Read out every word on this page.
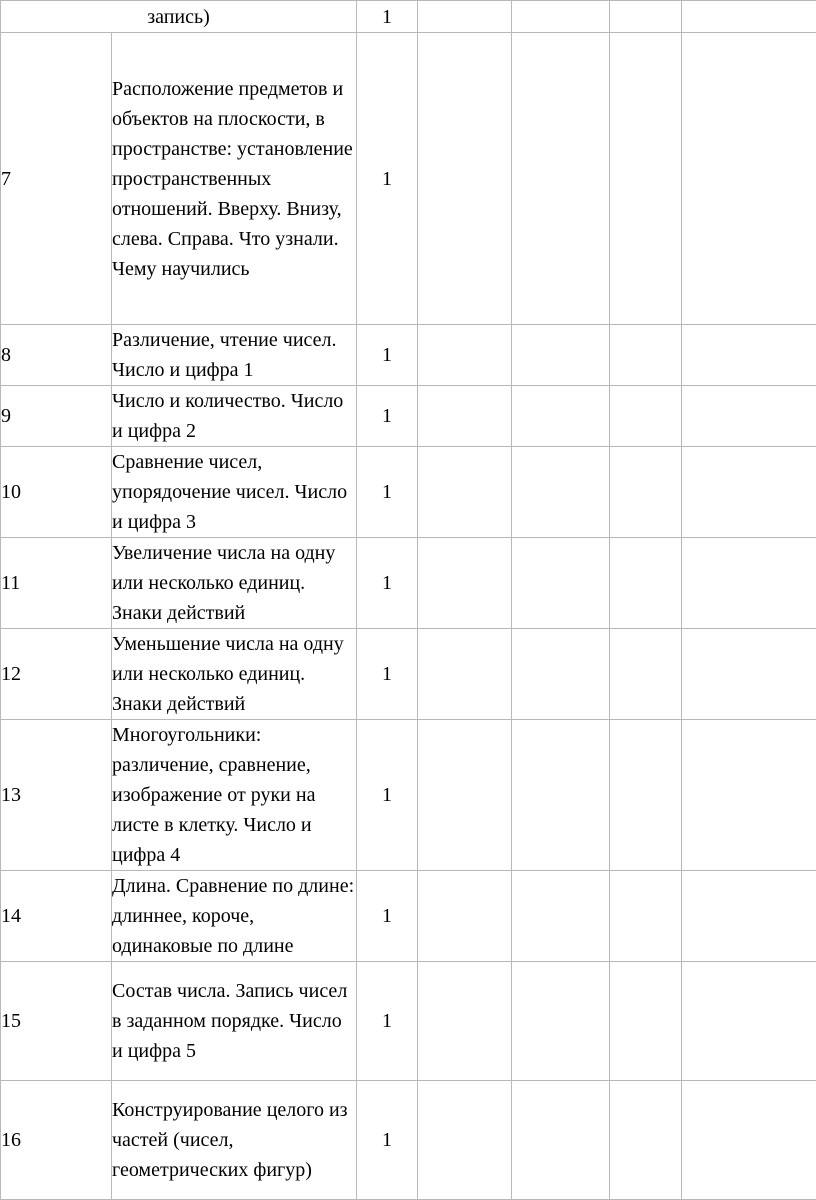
запись)		1				
7	Расположение предметов и объектов на плоскости, в пространстве: установление пространственных отношений. Вверху. Внизу, слева. Справа. Что узнали. Чему научились	1				
8	Различение, чтение чисел. Число и цифра 1	1				
9	Число и количество. Число и цифра 2	1				
10	Сравнение чисел, упорядочение чисел. Число и цифра 3	1				
11	Увеличение числа на одну или несколько единиц. Знаки действий	1				
12	Уменьшение числа на одну или несколько единиц. Знаки действий	1				
13	Многоугольники: различение, сравнение, изображение от руки на листе в клетку. Число и цифра 4	1				
14	Длина. Сравнение по длине: длиннее, короче, одинаковые по длине	1				
15	Состав числа. Запись чисел в заданном порядке. Число и цифра 5	1				
16	Конструирование целого из частей (чисел, геометрических фигур)	1				
